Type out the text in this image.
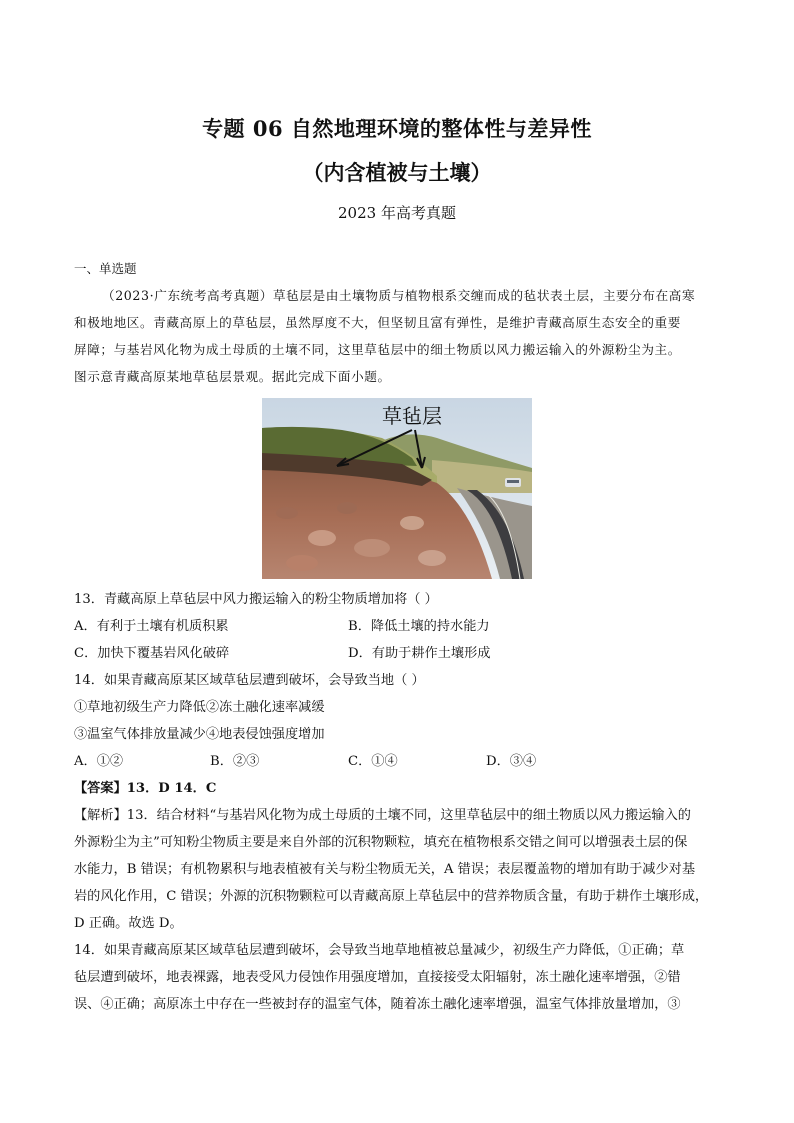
专题 06 自然地理环境的整体性与差异性
（内含植被与土壤）
2023 年高考真题
一、单选题
（2023·广东统考高考真题）草毡层是由土壤物质与植物根系交缠而成的毡状表土层，主要分布在高寒
和极地地区。青藏高原上的草毡层，虽然厚度不大，但坚韧且富有弹性，是维护青藏高原生态安全的重要
屏障；与基岩风化物为成土母质的土壤不同，这里草毡层中的细土物质以风力搬运输入的外源粉尘为主。
图示意青藏高原某地草毡层景观。据此完成下面小题。
草毡层
13．青藏高原上草毡层中风力搬运输入的粉尘物质增加将（ ）
A．有利于土壤有机质积累	B．降低土壤的持水能力
C．加快下覆基岩风化破碎	D．有助于耕作土壤形成
14．如果青藏高原某区域草毡层遭到破坏，会导致当地（ ）
①草地初级生产力降低②冻土融化速率减缓
③温室气体排放量减少④地表侵蚀强度增加
A．①②	B．②③	C．①④	D．③④
【答案】13．D 14．C
【解析】13．结合材料“与基岩风化物为成土母质的土壤不同，这里草毡层中的细土物质以风力搬运输入的
外源粉尘为主”可知粉尘物质主要是来自外部的沉积物颗粒，填充在植物根系交错之间可以增强表土层的保
水能力，B 错误；有机物累积与地表植被有关与粉尘物质无关，A 错误；表层覆盖物的增加有助于减少对基
岩的风化作用，C 错误；外源的沉积物颗粒可以青藏高原上草毡层中的营养物质含量，有助于耕作土壤形成，
D 正确。故选 D。
14．如果青藏高原某区域草毡层遭到破坏，会导致当地草地植被总量减少，初级生产力降低，①正确；草
毡层遭到破坏，地表裸露，地表受风力侵蚀作用强度增加，直接接受太阳辐射，冻土融化速率增强，②错
误、④正确；高原冻土中存在一些被封存的温室气体，随着冻土融化速率增强，温室气体排放量增加，③
